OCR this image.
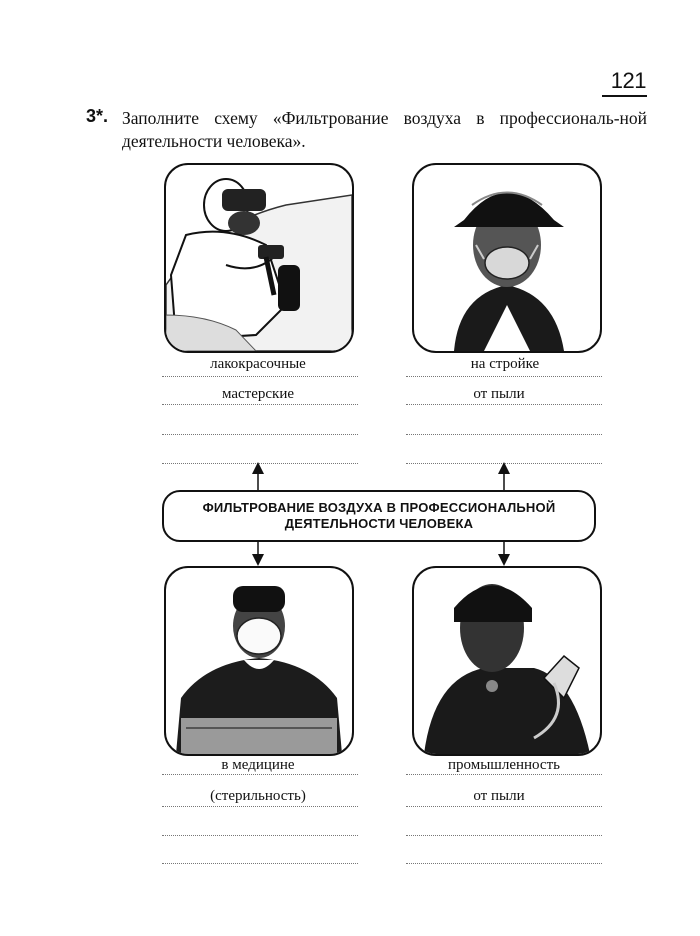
121
3*. Заполните схему «Фильтрование воздуха в профессиональ-ной деятельности человека».
лакокрасочные
мастерские
на стройке
от пыли
ФИЛЬТРОВАНИЕ ВОЗДУХА В ПРОФЕССИОНАЛЬНОЙ
ДЕЯТЕЛЬНОСТИ ЧЕЛОВЕКА
в медицине
(стерильность)
промышленность
от пыли
